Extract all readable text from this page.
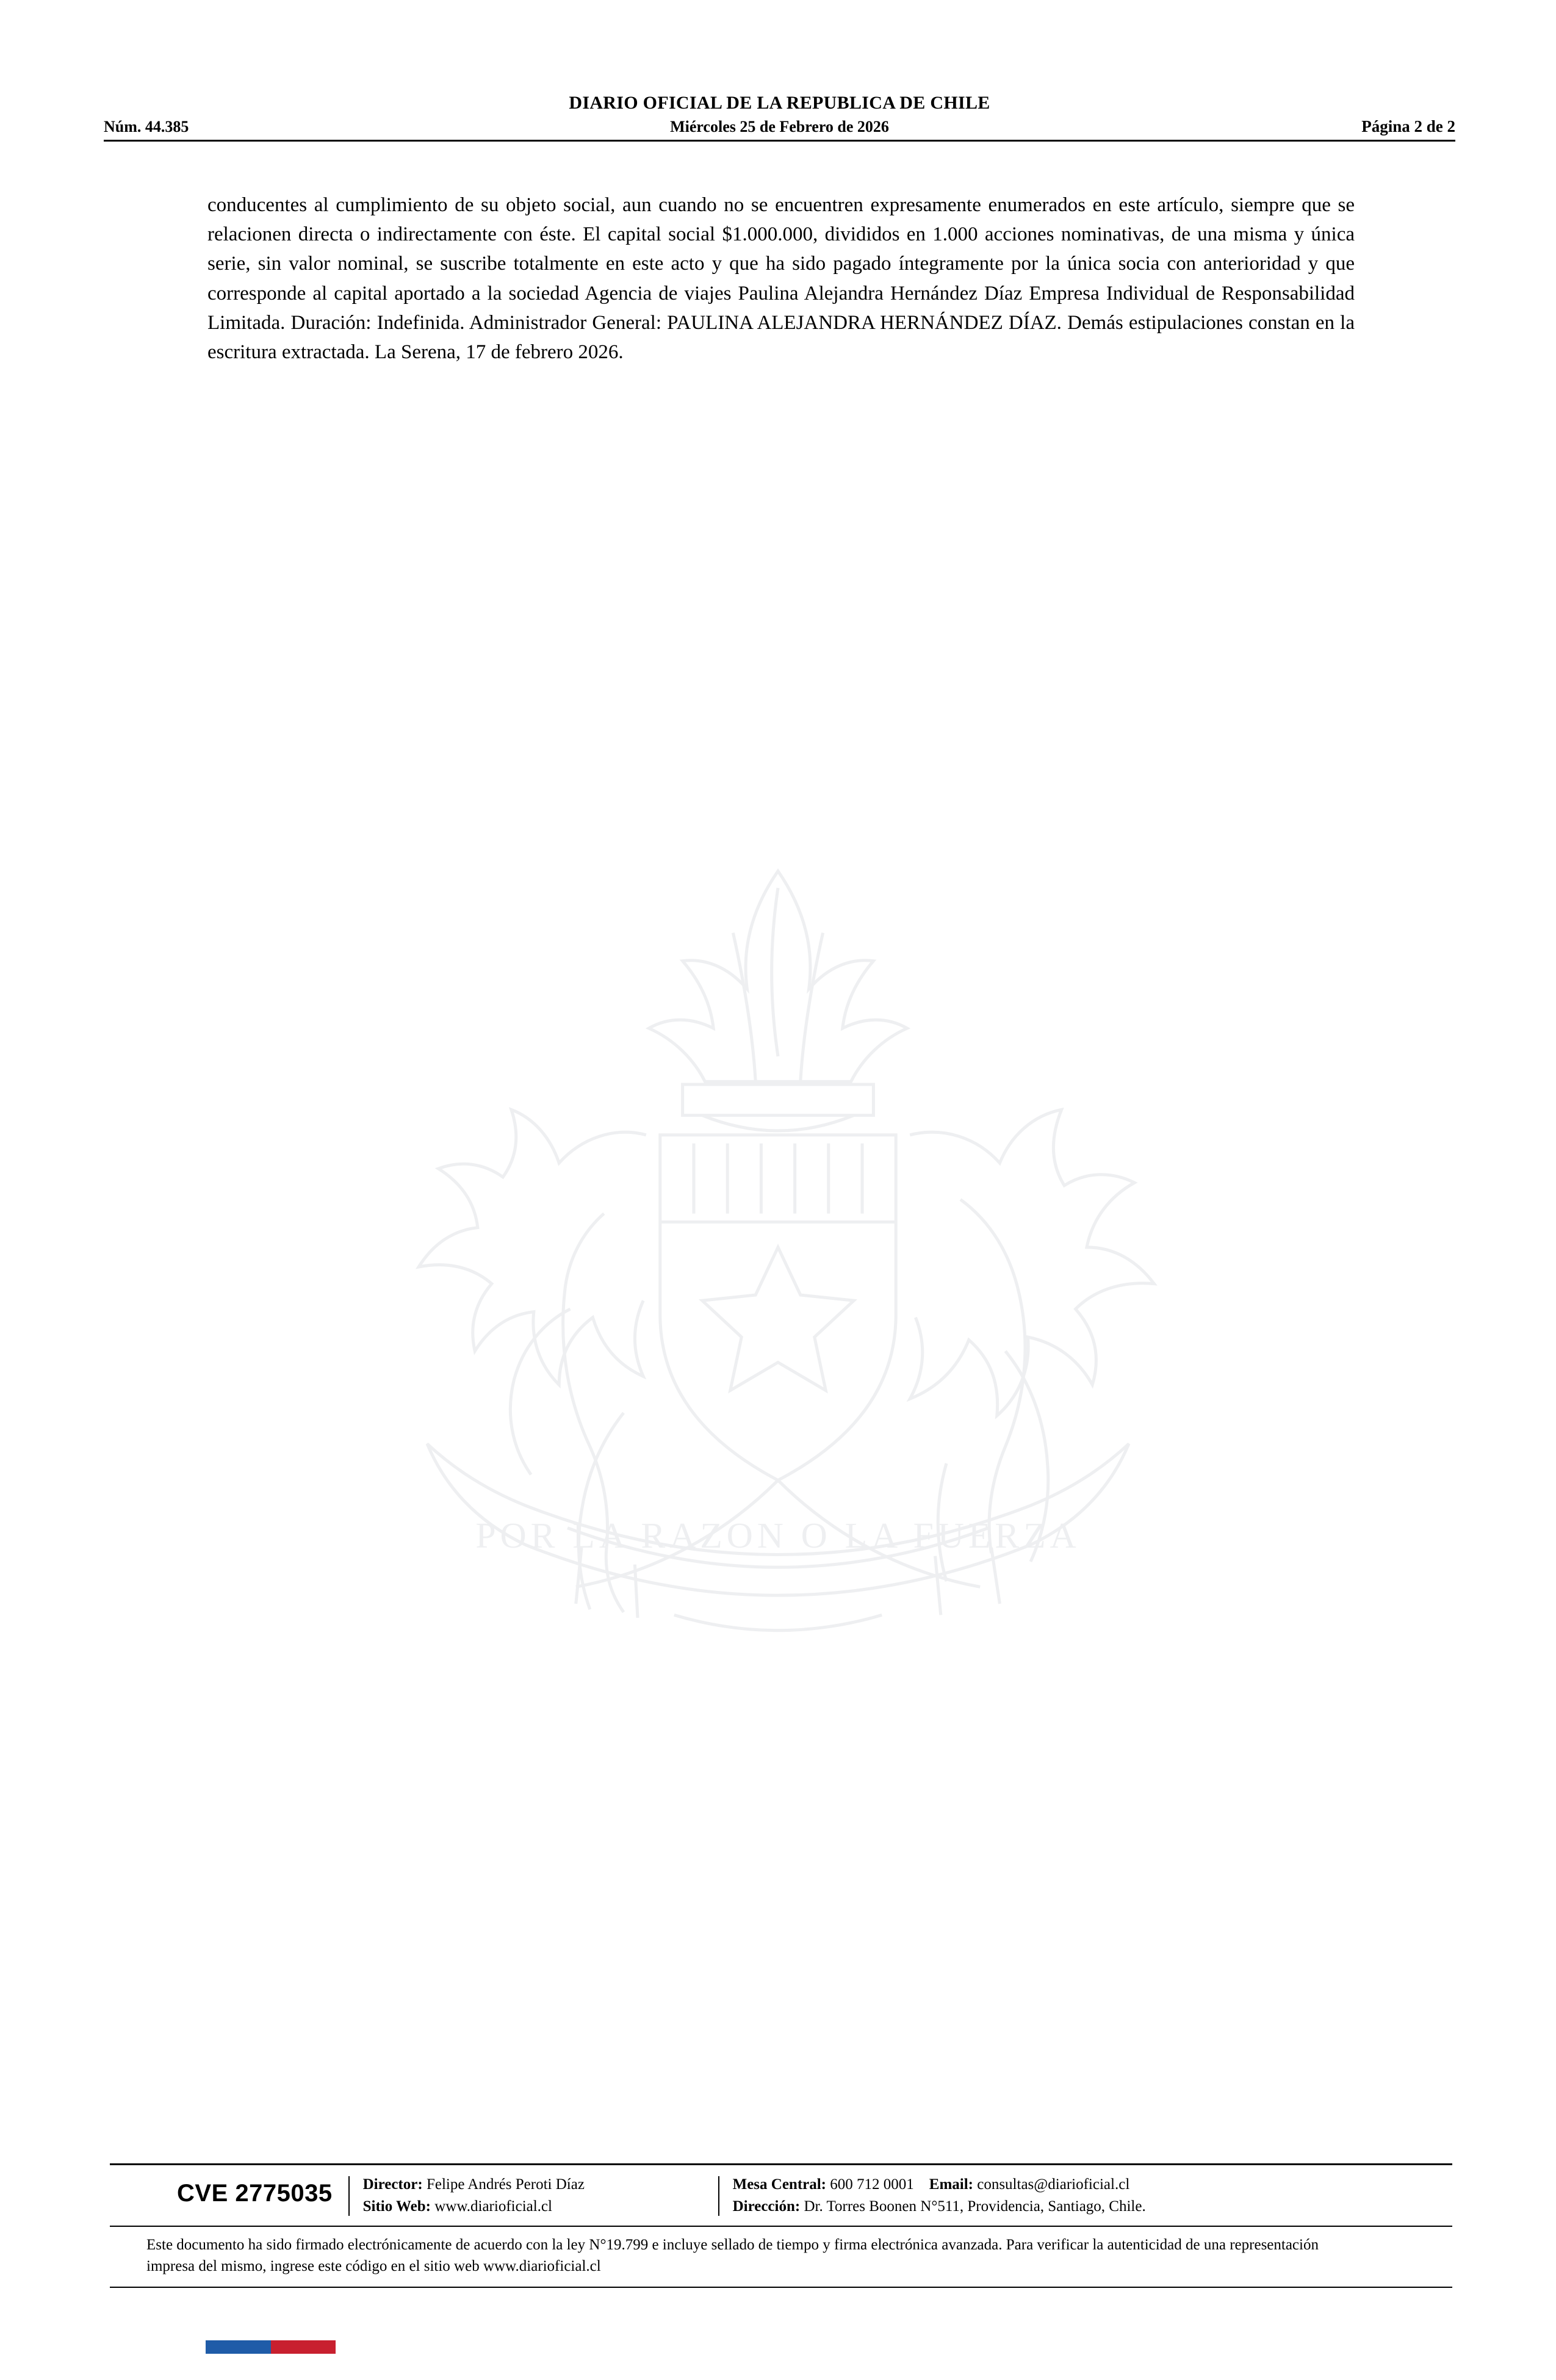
DIARIO OFICIAL DE LA REPUBLICA DE CHILE
Núm. 44.385	Miércoles 25 de Febrero de 2026	Página 2 de 2
conducentes al cumplimiento de su objeto social, aun cuando no se encuentren expresamente enumerados en este artículo, siempre que se relacionen directa o indirectamente con éste. El capital social $1.000.000, divididos en 1.000 acciones nominativas, de una misma y única serie, sin valor nominal, se suscribe totalmente en este acto y que ha sido pagado íntegramente por la única socia con anterioridad y que corresponde al capital aportado a la sociedad Agencia de viajes Paulina Alejandra Hernández Díaz Empresa Individual de Responsabilidad Limitada. Duración: Indefinida. Administrador General: PAULINA ALEJANDRA HERNÁNDEZ DÍAZ. Demás estipulaciones constan en la escritura extractada. La Serena, 17 de febrero 2026.
POR LA RAZON O LA FUERZA
CVE 2775035	Director: Felipe Andrés Peroti Díaz
Sitio Web: www.diarioficial.cl
Mesa Central: 600 712 0001 Email: consultas@diarioficial.cl
Dirección: Dr. Torres Boonen N°511, Providencia, Santiago, Chile.
Este documento ha sido firmado electrónicamente de acuerdo con la ley N°19.799 e incluye sellado de tiempo y firma electrónica avanzada. Para verificar la autenticidad de una representación impresa del mismo, ingrese este código en el sitio web www.diarioficial.cl
